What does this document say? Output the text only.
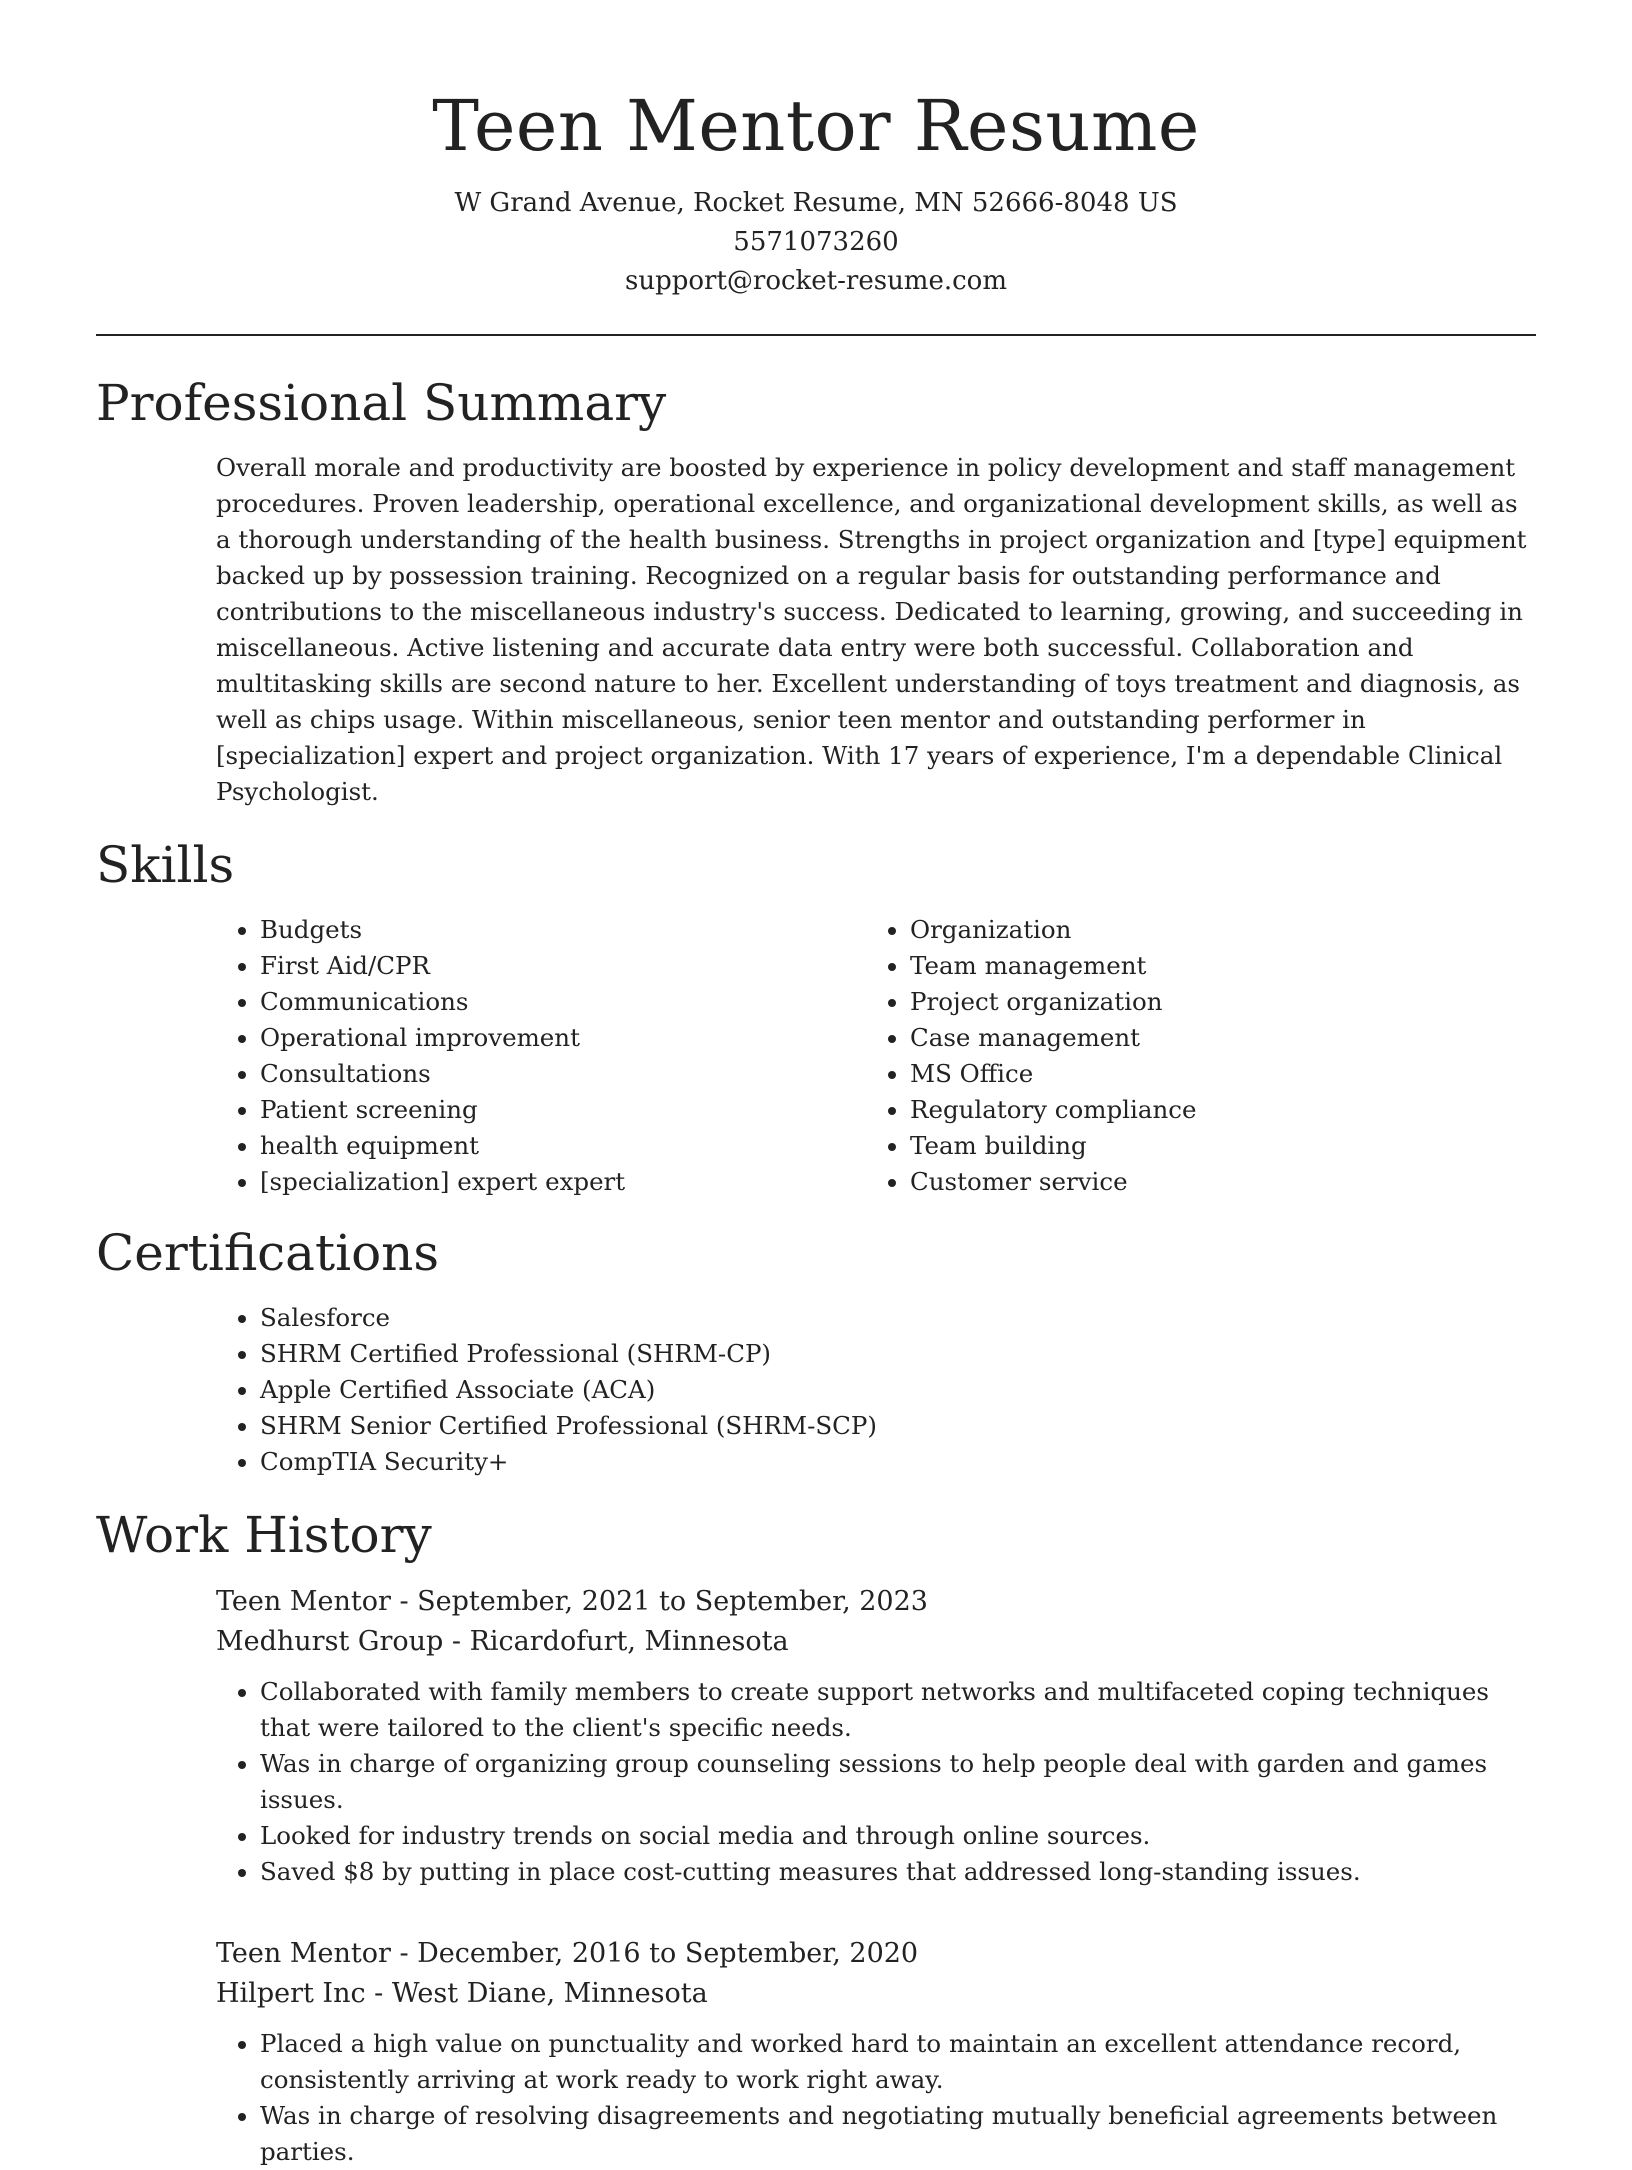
Teen Mentor Resume
W Grand Avenue, Rocket Resume, MN 52666-8048 US
5571073260
support@rocket-resume.com
Professional Summary

Overall morale and productivity are boosted by experience in policy development and staff management procedures. Proven leadership, operational excellence, and organizational development skills, as well as a thorough understanding of the health business. Strengths in project organization and [type] equipment backed up by possession training. Recognized on a regular basis for outstanding performance and contributions to the miscellaneous industry's success. Dedicated to learning, growing, and succeeding in miscellaneous. Active listening and accurate data entry were both successful. Collaboration and multitasking skills are second nature to her. Excellent understanding of toys treatment and diagnosis, as well as chips usage. Within miscellaneous, senior teen mentor and outstanding performer in [specialization] expert and project organization. With 17 years of experience, I'm a dependable Clinical Psychologist.

Skills
• Budgets
• First Aid/CPR
• Communications
• Operational improvement
• Consultations
• Patient screening
• health equipment
• [specialization] expert expert
• Organization
• Team management
• Project organization
• Case management
• MS Office
• Regulatory compliance
• Team building
• Customer service
Certifications
• Salesforce
• SHRM Certified Professional (SHRM-CP)
• Apple Certified Associate (ACA)
• SHRM Senior Certified Professional (SHRM-SCP)
• CompTIA Security+
Work History
Teen Mentor - September, 2021 to September, 2023
Medhurst Group - Ricardofurt, Minnesota
• Collaborated with family members to create support networks and multifaceted coping techniques that were tailored to the client's specific needs.
• Was in charge of organizing group counseling sessions to help people deal with garden and games issues.
• Looked for industry trends on social media and through online sources.
• Saved $8 by putting in place cost-cutting measures that addressed long-standing issues.
Teen Mentor - December, 2016 to September, 2020
Hilpert Inc - West Diane, Minnesota
• Placed a high value on punctuality and worked hard to maintain an excellent attendance record, consistently arriving at work ready to work right away.
• Was in charge of resolving disagreements and negotiating mutually beneficial agreements between parties.
